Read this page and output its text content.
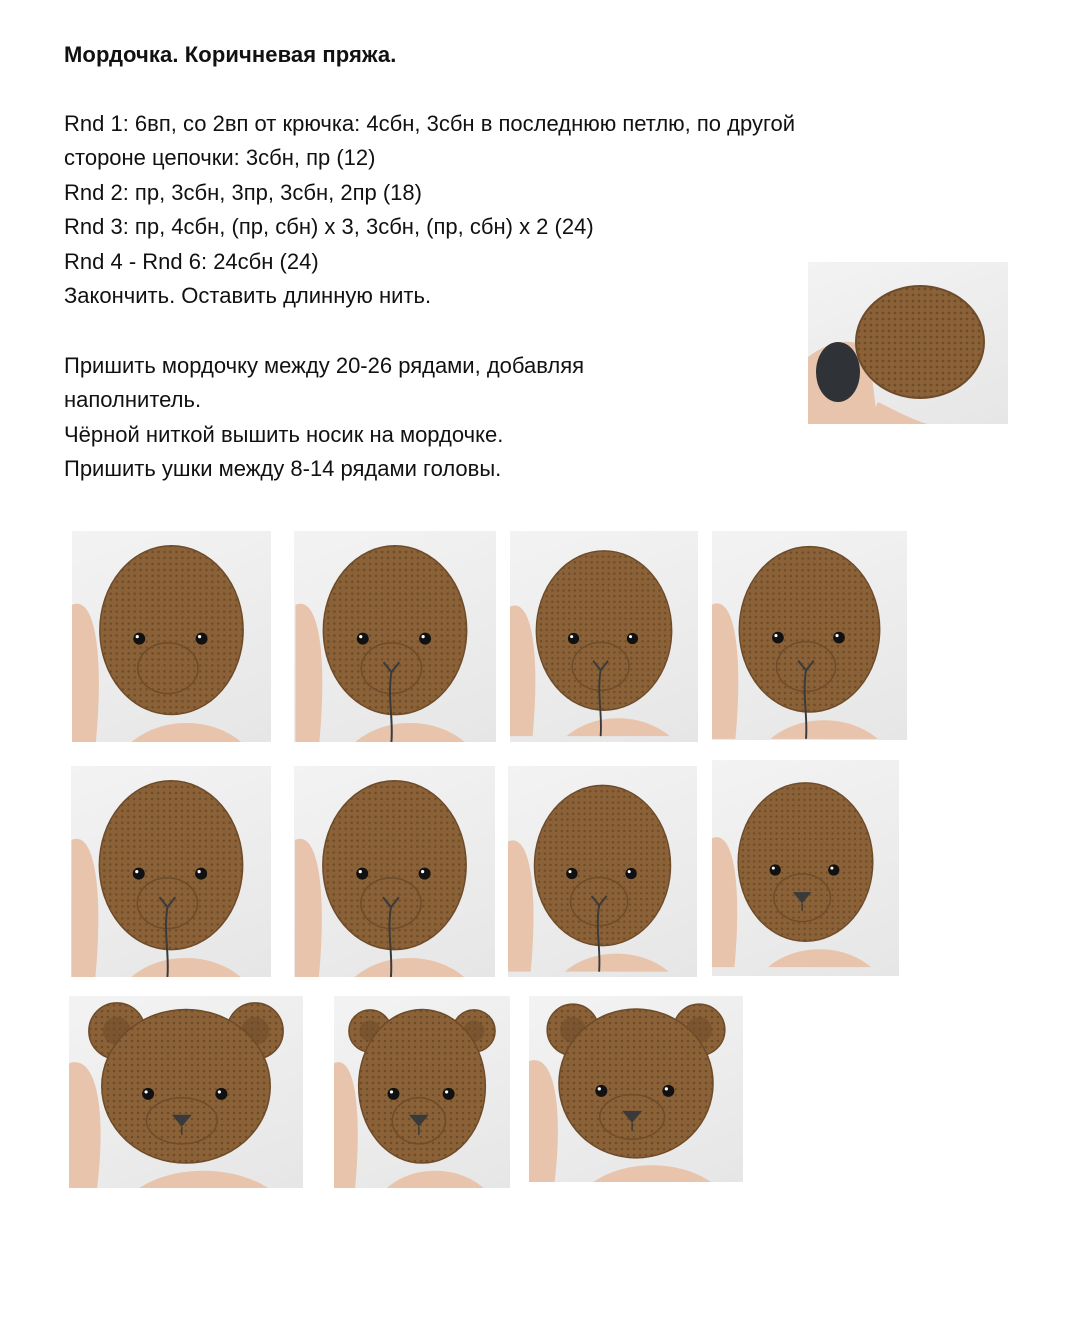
Мордочка. Коричневая пряжа.

Rnd 1: 6вп, со 2вп от крючка: 4сбн, 3сбн в последнюю петлю, по другой

стороне цепочки: 3сбн, пр (12)

Rnd 2: пр, 3сбн, 3пр, 3сбн, 2пр (18)

Rnd 3: пр, 4сбн, (пр, сбн) х 3, 3сбн, (пр, сбн) х 2 (24)

Rnd 4 - Rnd 6: 24сбн (24)

Закончить. Оставить длинную нить.

Пришить мордочку между 20-26 рядами, добавляя

наполнитель.

Чёрной ниткой вышить носик на мордочке.

Пришить ушки между 8-14 рядами головы.
